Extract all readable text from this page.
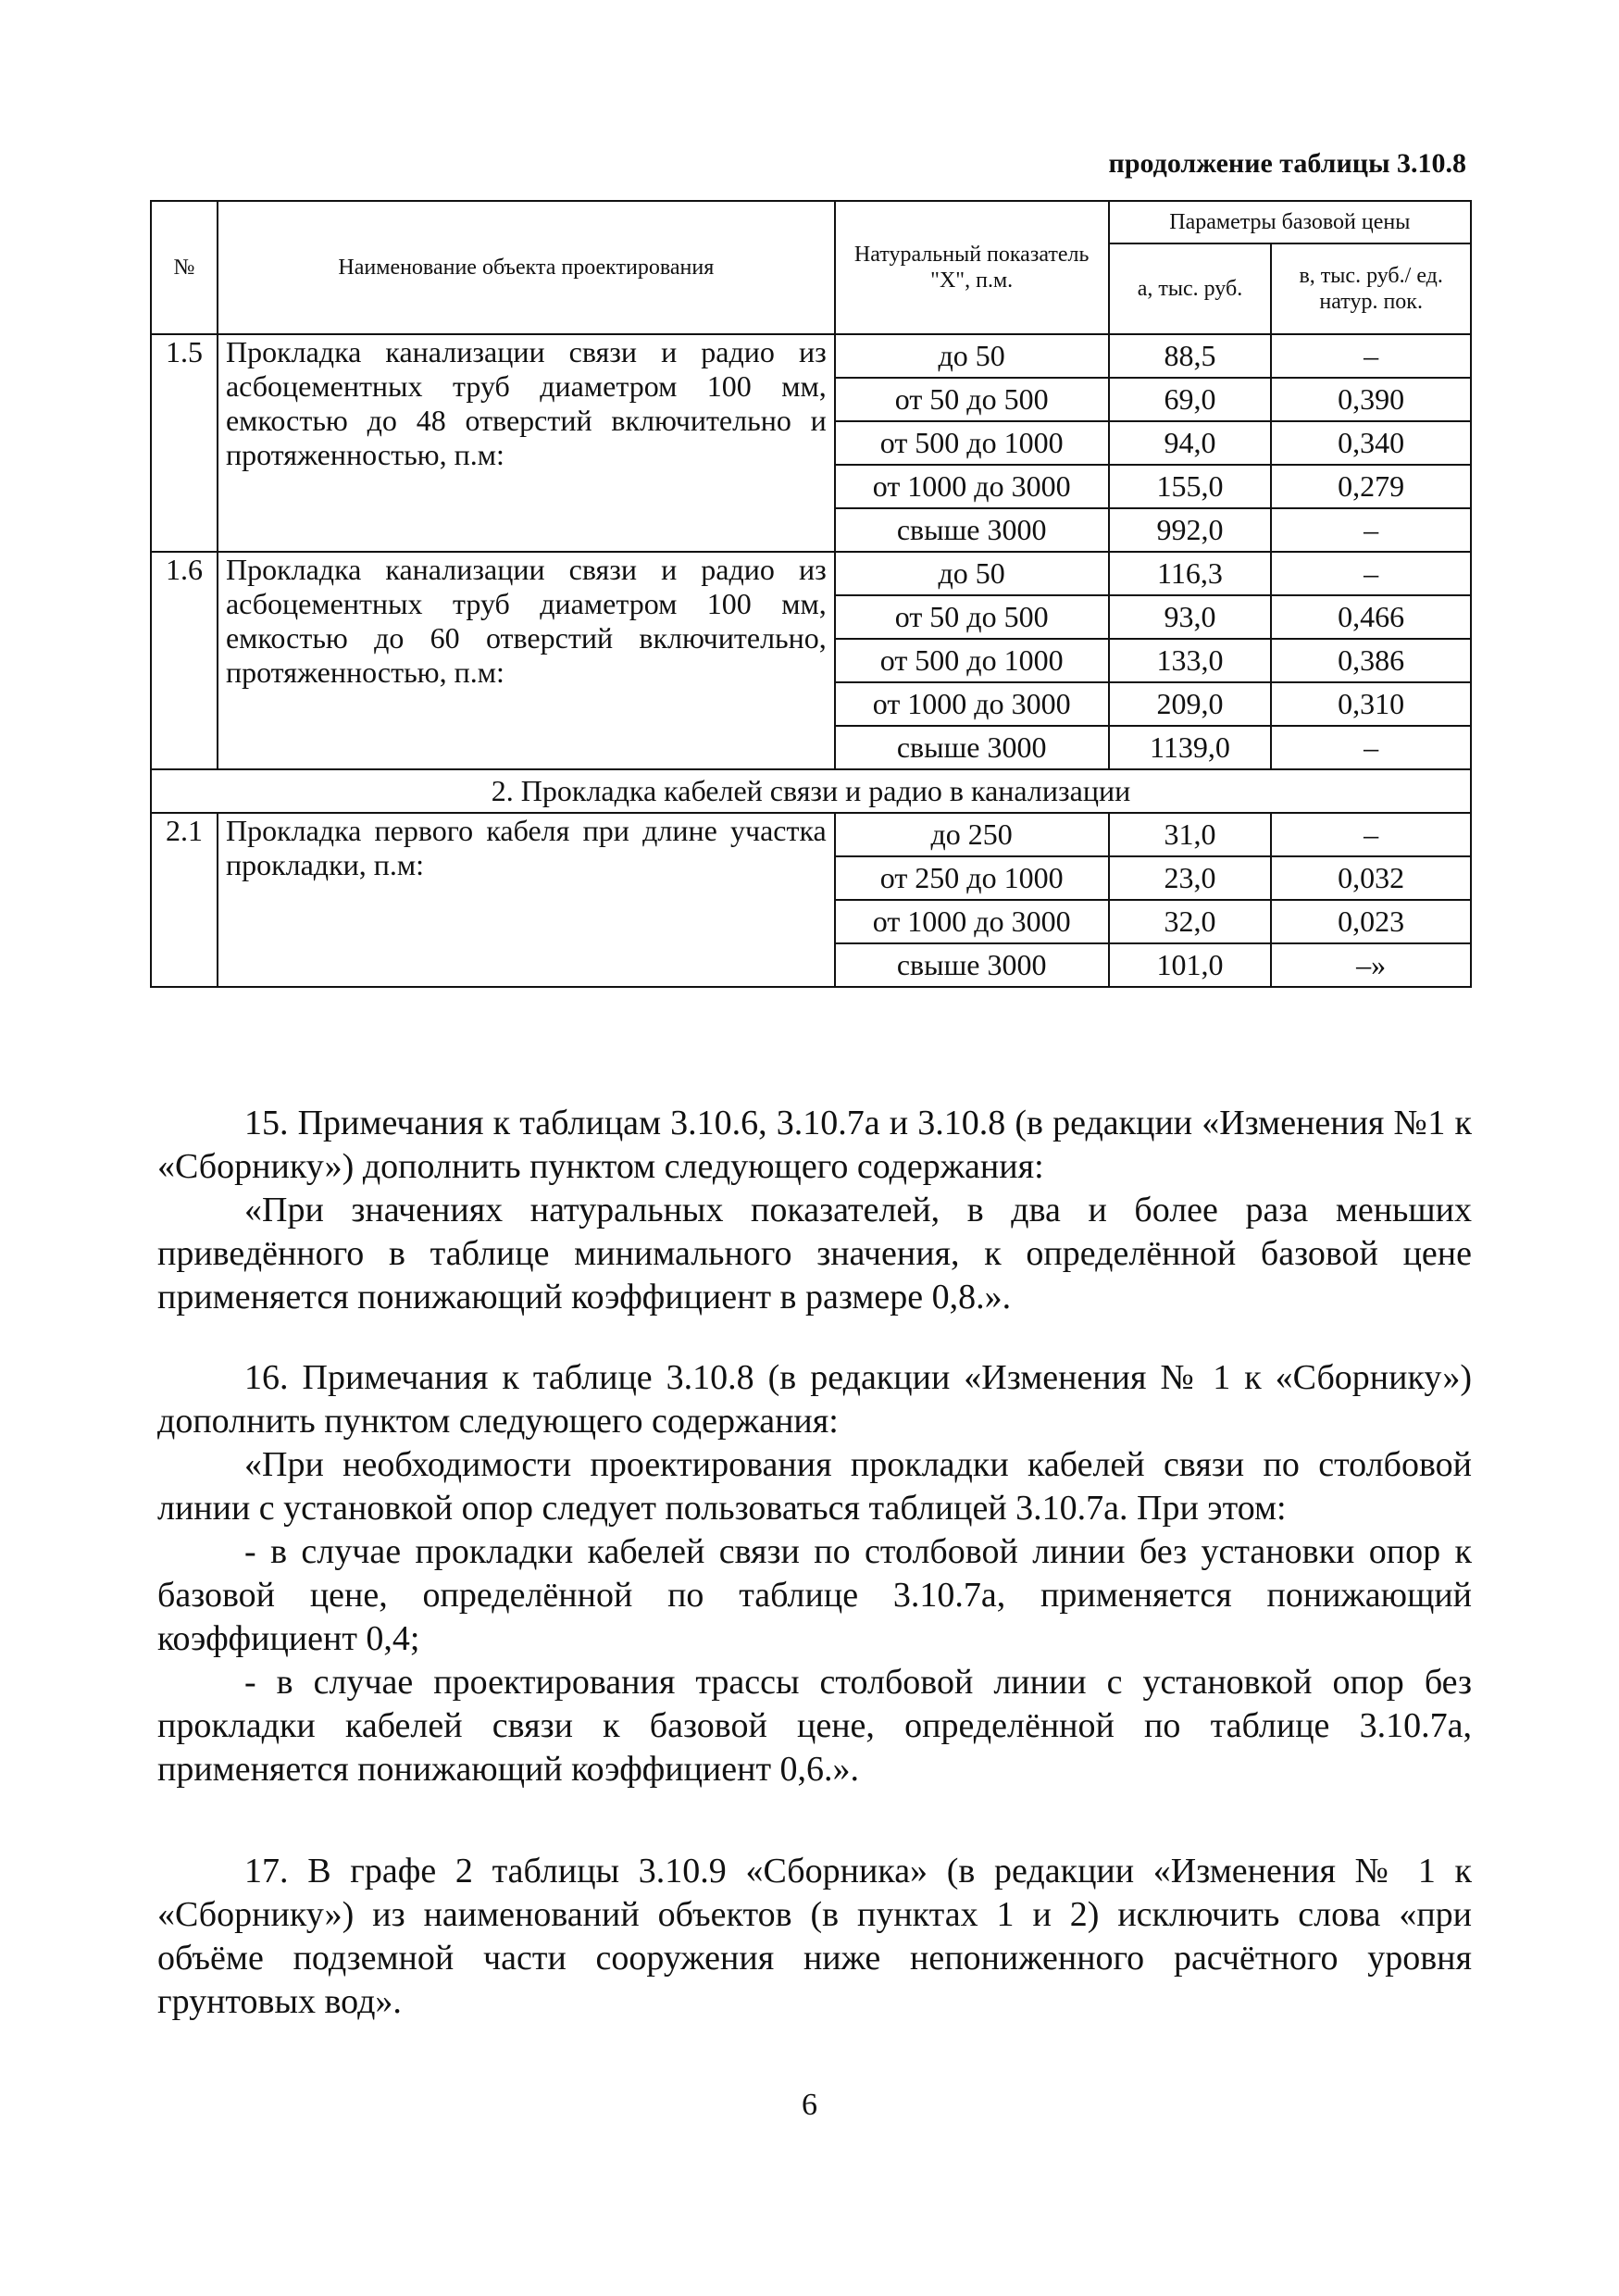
продолжение таблицы 3.10.8
№	Наименование объекта проектирования	Натуральный показатель "X", п.м.	Параметры базовой цены	
			а, тыс. руб.	в, тыс. руб./ ед. натур. пок.
1.5	Прокладка канализации связи и радио из асбоцементных труб диаметром 100 мм, емкостью до 48 отверстий включительно и протяженностью, п.м:	до 50	88,5	–
		от 50 до 500	69,0	0,390
		от 500 до 1000	94,0	0,340
		от 1000 до 3000	155,0	0,279
		свыше 3000	992,0	–
1.6	Прокладка канализации связи и радио из асбоцементных труб диаметром 100 мм, емкостью до 60 отверстий включительно, протяженностью, п.м:	до 50	116,3	–
		от 50 до 500	93,0	0,466
		от 500 до 1000	133,0	0,386
		от 1000 до 3000	209,0	0,310
		свыше 3000	1139,0	–
2. Прокладка кабелей связи и радио в канализации				
2.1	Прокладка первого кабеля при длине участка прокладки, п.м:	до 250	31,0	–
		от 250 до 1000	23,0	0,032
		от 1000 до 3000	32,0	0,023
		свыше 3000	101,0	–»

15. Примечания к таблицам 3.10.6, 3.10.7а и 3.10.8 (в редакции «Изменения №1 к «Сборнику») дополнить пунктом следующего содержания:

«При значениях натуральных показателей, в два и более раза меньших приведённого в таблице минимального значения, к определённой базовой цене применяется понижающий коэффициент в размере 0,8.».

16. Примечания к таблице 3.10.8 (в редакции «Изменения № 1 к «Сборнику») дополнить пунктом следующего содержания:

«При необходимости проектирования прокладки кабелей связи по столбовой линии с установкой опор следует пользоваться таблицей 3.10.7а. При этом:

- в случае прокладки кабелей связи по столбовой линии без установки опор к базовой цене, определённой по таблице 3.10.7а, применяется понижающий коэффициент 0,4;

- в случае проектирования трассы столбовой линии с установкой опор без прокладки кабелей связи к базовой цене, определённой по таблице 3.10.7а, применяется понижающий коэффициент 0,6.».

17. В графе 2 таблицы 3.10.9 «Сборника» (в редакции «Изменения № 1 к «Сборнику») из наименований объектов (в пунктах 1 и 2) исключить слова «при объёме подземной части сооружения ниже непониженного расчётного уровня грунтовых вод».

6
